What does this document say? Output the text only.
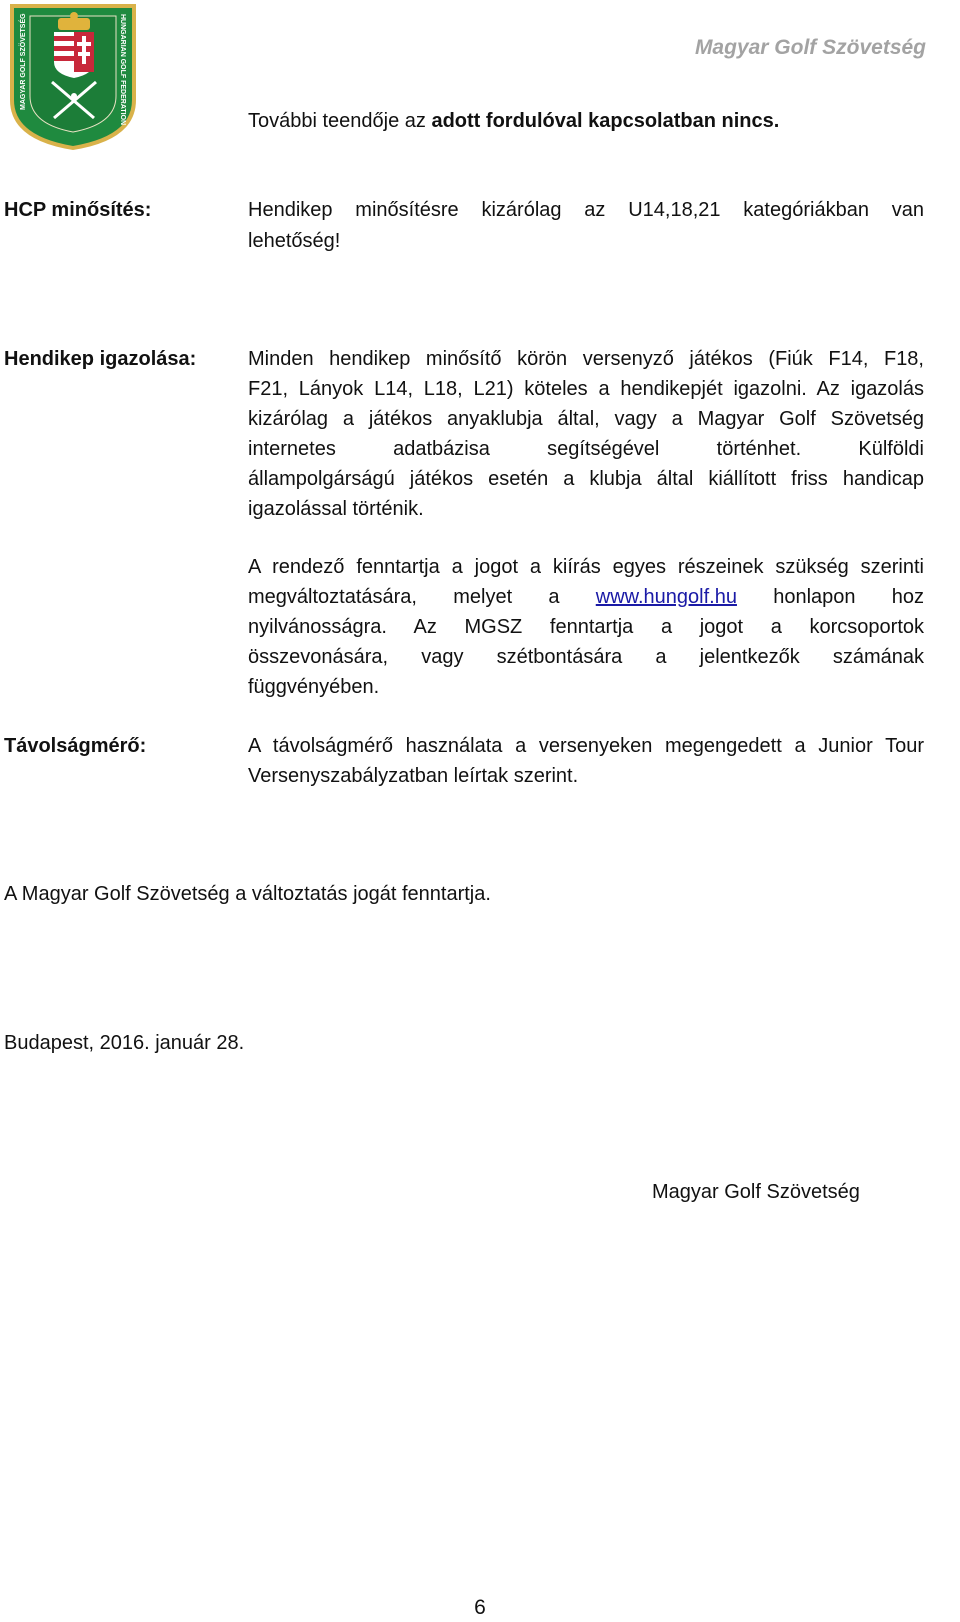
MAGYAR GOLF SZÖVETSÉG	HUNGARIAN GOLF FEDERATION	Magyar Golf Szövetség
További teendője az adott fordulóval kapcsolatban nincs.
HCP minősítés:	Hendikep minősítésre kizárólag az U14,18,21 kategóriákban van
lehetőség!
Hendikep igazolása:	Minden hendikep minősítő körön versenyző játékos (Fiúk F14, F18,
F21, Lányok L14, L18, L21) köteles a hendikepjét igazolni. Az igazolás
kizárólag a játékos anyaklubja által, vagy a Magyar Golf Szövetség
internetes adatbázisa segítségével történhet. Külföldi
állampolgárságú játékos esetén a klubja által kiállított friss handicap
igazolással történik.
A rendező fenntartja a jogot a kiírás egyes részeinek szükség szerinti
megváltoztatására, melyet a www.hungolf.hu honlapon hoz
nyilvánosságra. Az MGSZ fenntartja a jogot a korcsoportok
összevonására, vagy szétbontására a jelentkezők számának
függvényében.
Távolságmérő:	A távolságmérő használata a versenyeken megengedett a Junior Tour
Versenyszabályzatban leírtak szerint.
A Magyar Golf Szövetség a változtatás jogát fenntartja.
Budapest, 2016. január 28.
Magyar Golf Szövetség
6
